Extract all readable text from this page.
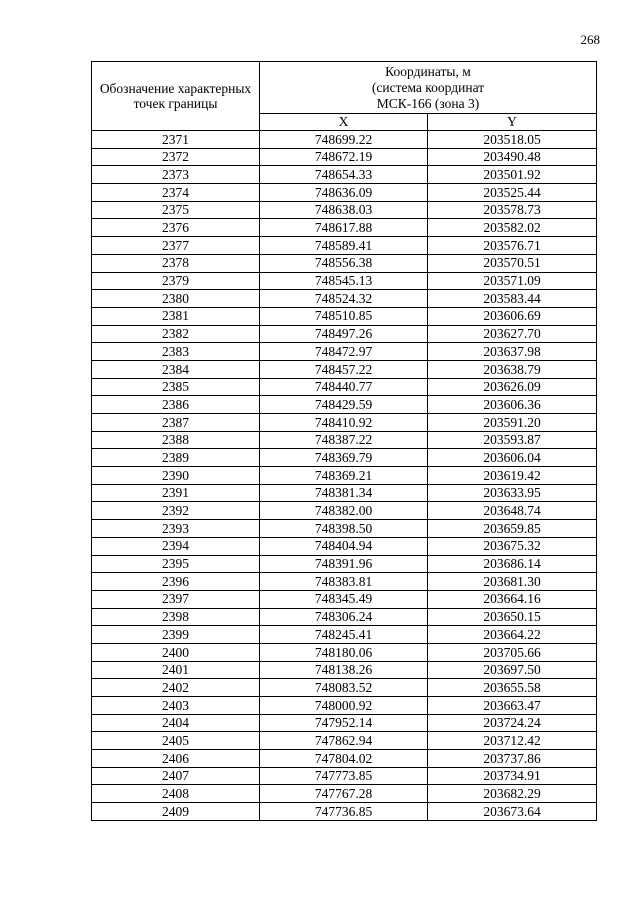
268
Обозначение характерных точек границы	Координаты, м
(система координат
МСК-166 (зона 3)	
	X	Y
2371	748699.22	203518.05
2372	748672.19	203490.48
2373	748654.33	203501.92
2374	748636.09	203525.44
2375	748638.03	203578.73
2376	748617.88	203582.02
2377	748589.41	203576.71
2378	748556.38	203570.51
2379	748545.13	203571.09
2380	748524.32	203583.44
2381	748510.85	203606.69
2382	748497.26	203627.70
2383	748472.97	203637.98
2384	748457.22	203638.79
2385	748440.77	203626.09
2386	748429.59	203606.36
2387	748410.92	203591.20
2388	748387.22	203593.87
2389	748369.79	203606.04
2390	748369.21	203619.42
2391	748381.34	203633.95
2392	748382.00	203648.74
2393	748398.50	203659.85
2394	748404.94	203675.32
2395	748391.96	203686.14
2396	748383.81	203681.30
2397	748345.49	203664.16
2398	748306.24	203650.15
2399	748245.41	203664.22
2400	748180.06	203705.66
2401	748138.26	203697.50
2402	748083.52	203655.58
2403	748000.92	203663.47
2404	747952.14	203724.24
2405	747862.94	203712.42
2406	747804.02	203737.86
2407	747773.85	203734.91
2408	747767.28	203682.29
2409	747736.85	203673.64
